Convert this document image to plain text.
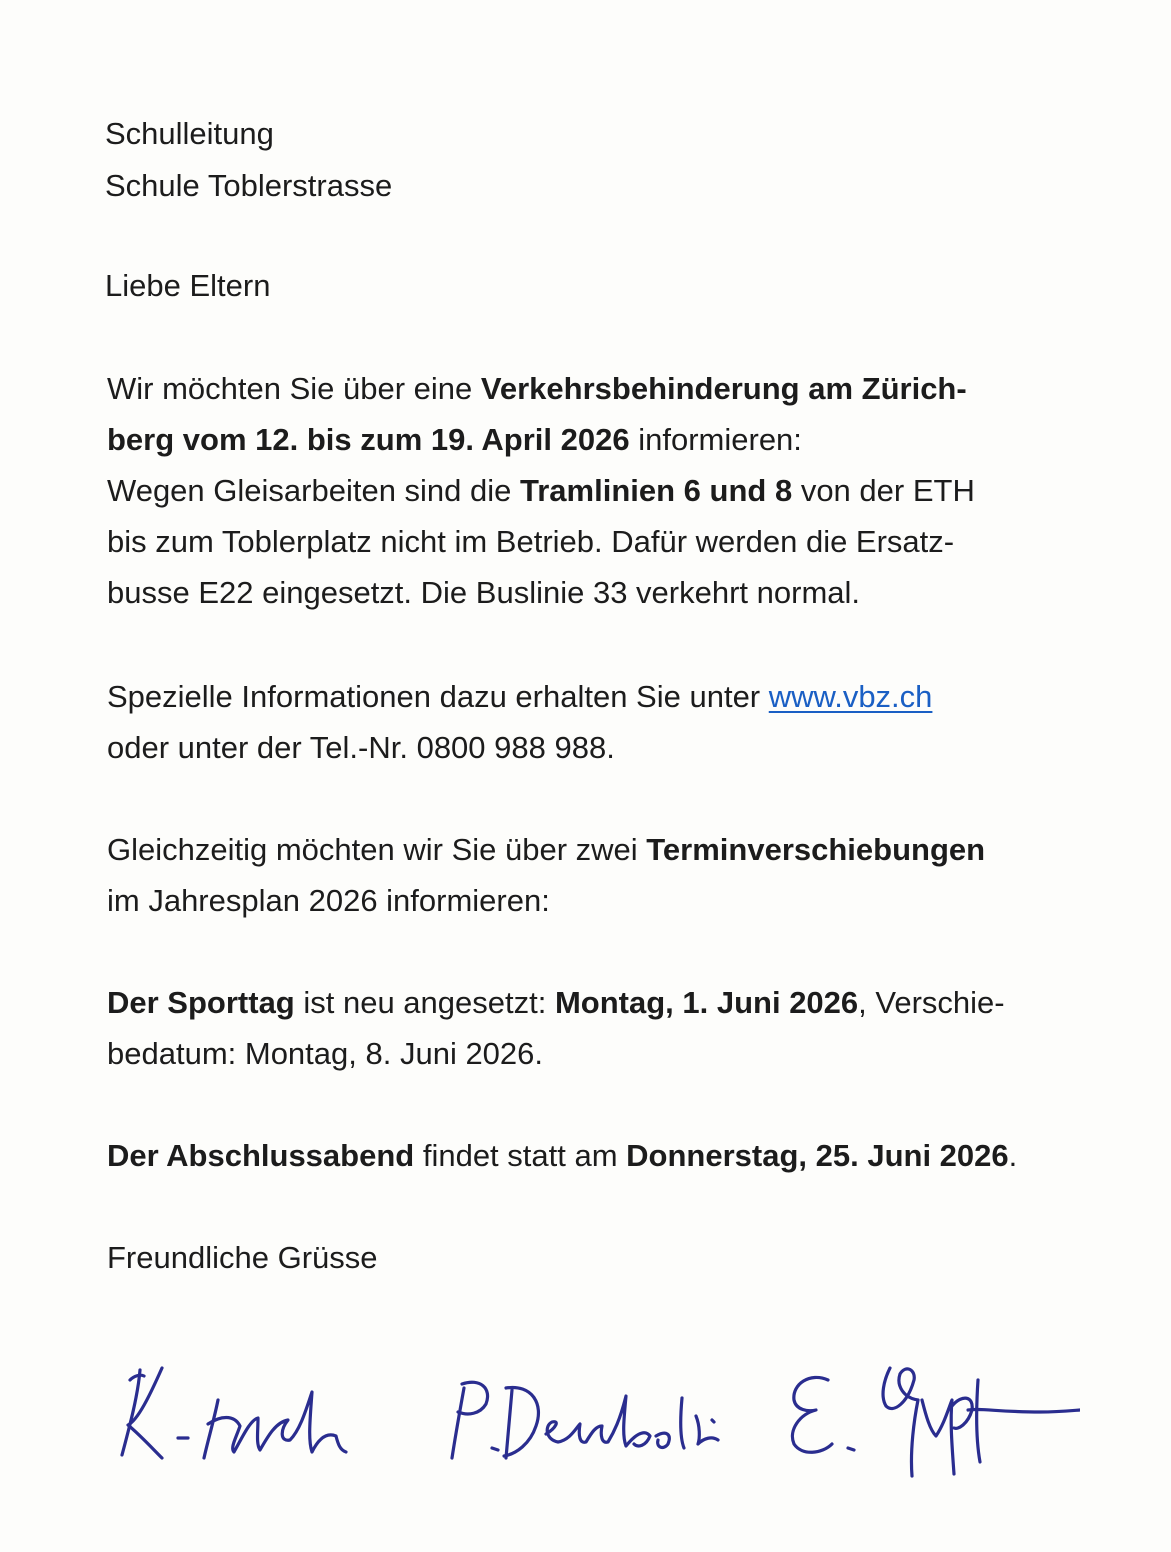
Schulleitung
Schule Toblerstrasse
Liebe Eltern
Wir möchten Sie über eine Verkehrsbehinderung am Zürich-
berg vom 12. bis zum 19. April 2026 informieren:
Wegen Gleisarbeiten sind die Tramlinien 6 und 8 von der ETH
bis zum Toblerplatz nicht im Betrieb. Dafür werden die Ersatz-
busse E22 eingesetzt. Die Buslinie 33 verkehrt normal.
Spezielle Informationen dazu erhalten Sie unter www.vbz.ch
oder unter der Tel.-Nr. 0800 988 988.
Gleichzeitig möchten wir Sie über zwei Terminverschiebungen
im Jahresplan 2026 informieren:
Der Sporttag ist neu angesetzt: Montag, 1. Juni 2026, Verschie-
bedatum: Montag, 8. Juni 2026.
Der Abschlussabend findet statt am Donnerstag, 25. Juni 2026.
Freundliche Grüsse
